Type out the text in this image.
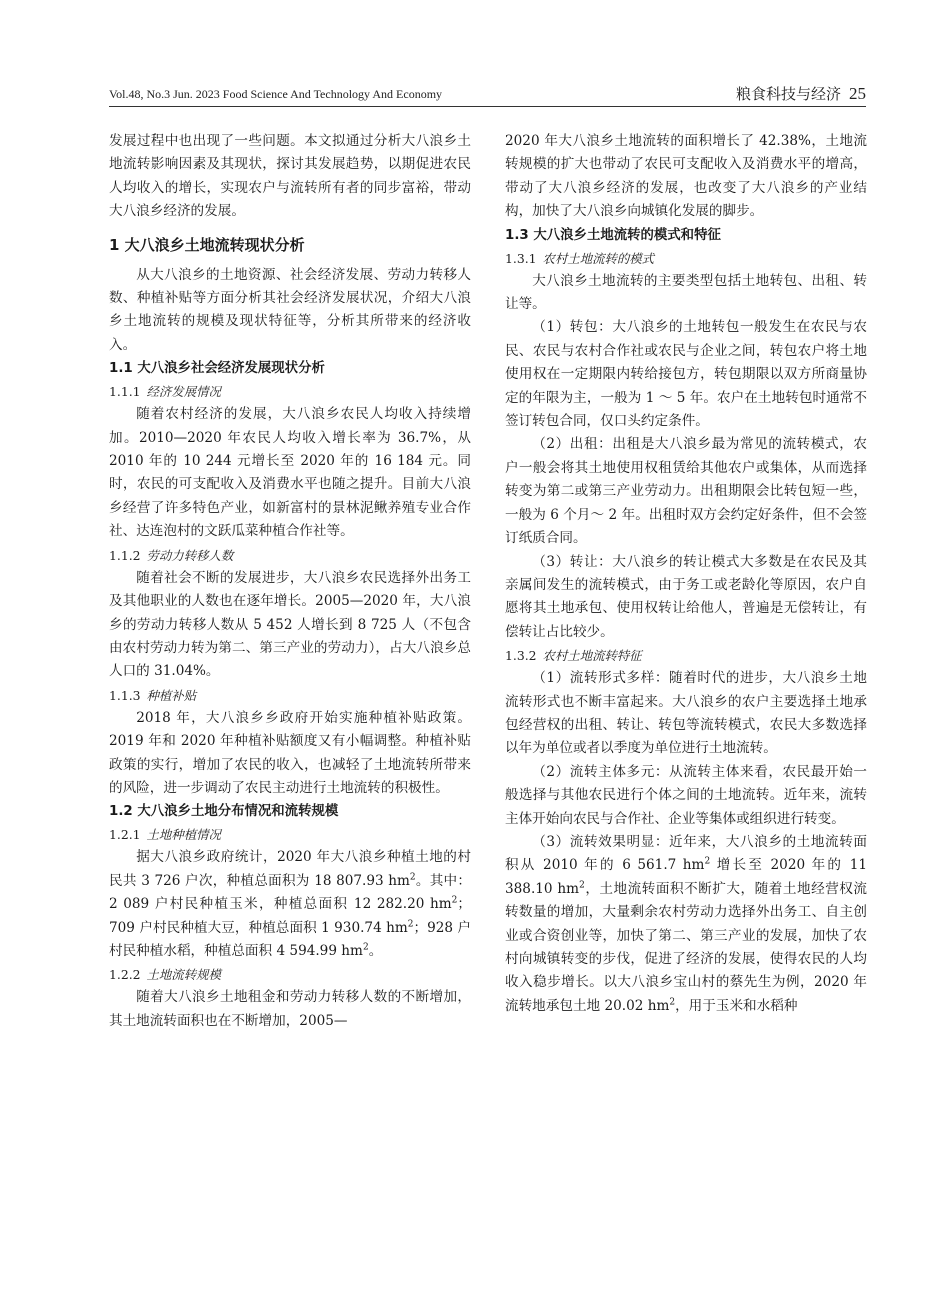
Vol.48, No.3 Jun. 2023 Food Science And Technology And Economy	粮食科技与经济 25

发展过程中也出现了一些问题。本文拟通过分析大八浪乡土地流转影响因素及其现状，探讨其发展趋势，以期促进农民人均收入的增长，实现农户与流转所有者的同步富裕，带动大八浪乡经济的发展。

1 大八浪乡土地流转现状分析

从大八浪乡的土地资源、社会经济发展、劳动力转移人数、种植补贴等方面分析其社会经济发展状况，介绍大八浪乡土地流转的规模及现状特征等，分析其所带来的经济收入。

1.1 大八浪乡社会经济发展现状分析
1.1.1 经济发展情况

随着农村经济的发展，大八浪乡农民人均收入持续增加。2010—2020 年农民人均收入增长率为 36.7%，从 2010 年的 10 244 元增长至 2020 年的 16 184 元。同时，农民的可支配收入及消费水平也随之提升。目前大八浪乡经营了许多特色产业，如新富村的景林泥鳅养殖专业合作社、达连泡村的文跃瓜菜种植合作社等。

1.1.2 劳动力转移人数

随着社会不断的发展进步，大八浪乡农民选择外出务工及其他职业的人数也在逐年增长。2005—2020 年，大八浪乡的劳动力转移人数从 5 452 人增长到 8 725 人（不包含由农村劳动力转为第二、第三产业的劳动力），占大八浪乡总人口的 31.04%。

1.1.3 种植补贴

2018 年，大八浪乡乡政府开始实施种植补贴政策。2019 年和 2020 年种植补贴额度又有小幅调整。种植补贴政策的实行，增加了农民的收入，也减轻了土地流转所带来的风险，进一步调动了农民主动进行土地流转的积极性。

1.2 大八浪乡土地分布情况和流转规模
1.2.1 土地种植情况

据大八浪乡政府统计，2020 年大八浪乡种植土地的村民共 3 726 户次，种植总面积为 18 807.93 $hm^2$。其中：2 089 户村民种植玉米，种植总面积 12 282.20 $hm^2$；709 户村民种植大豆，种植总面积 1 930.74 $hm^2$；928 户村民种植水稻，种植总面积 4 594.99 $hm^2$。

1.2.2 土地流转规模

随着大八浪乡土地租金和劳动力转移人数的不断增加，其土地流转面积也在不断增加，2005—

2020 年大八浪乡土地流转的面积增长了 42.38%，土地流转规模的扩大也带动了农民可支配收入及消费水平的增高，带动了大八浪乡经济的发展，也改变了大八浪乡的产业结构，加快了大八浪乡向城镇化发展的脚步。

1.3 大八浪乡土地流转的模式和特征
1.3.1 农村土地流转的模式

大八浪乡土地流转的主要类型包括土地转包、出租、转让等。

（1）转包：大八浪乡的土地转包一般发生在农民与农民、农民与农村合作社或农民与企业之间，转包农户将土地使用权在一定期限内转给接包方，转包期限以双方所商量协定的年限为主，一般为 1 ～ 5 年。农户在土地转包时通常不签订转包合同，仅口头约定条件。

（2）出租：出租是大八浪乡最为常见的流转模式，农户一般会将其土地使用权租赁给其他农户或集体，从而选择转变为第二或第三产业劳动力。出租期限会比转包短一些，一般为 6 个月～ 2 年。出租时双方会约定好条件，但不会签订纸质合同。

（3）转让：大八浪乡的转让模式大多数是在农民及其亲属间发生的流转模式，由于务工或老龄化等原因，农户自愿将其土地承包、使用权转让给他人，普遍是无偿转让，有偿转让占比较少。

1.3.2 农村土地流转特征

（1）流转形式多样：随着时代的进步，大八浪乡土地流转形式也不断丰富起来。大八浪乡的农户主要选择土地承包经营权的出租、转让、转包等流转模式，农民大多数选择以年为单位或者以季度为单位进行土地流转。

（2）流转主体多元：从流转主体来看，农民最开始一般选择与其他农民进行个体之间的土地流转。近年来，流转主体开始向农民与合作社、企业等集体或组织进行转变。

（3）流转效果明显：近年来，大八浪乡的土地流转面积从 2010 年的 6 561.7 $hm^2$ 增长至 2020 年的 11 388.10 $hm^2$，土地流转面积不断扩大，随着土地经营权流转数量的增加，大量剩余农村劳动力选择外出务工、自主创业或合资创业等，加快了第二、第三产业的发展，加快了农村向城镇转变的步伐，促进了经济的发展，使得农民的人均收入稳步增长。以大八浪乡宝山村的蔡先生为例，2020 年流转地承包土地 20.02 $hm^2$，用于玉米和水稻种
